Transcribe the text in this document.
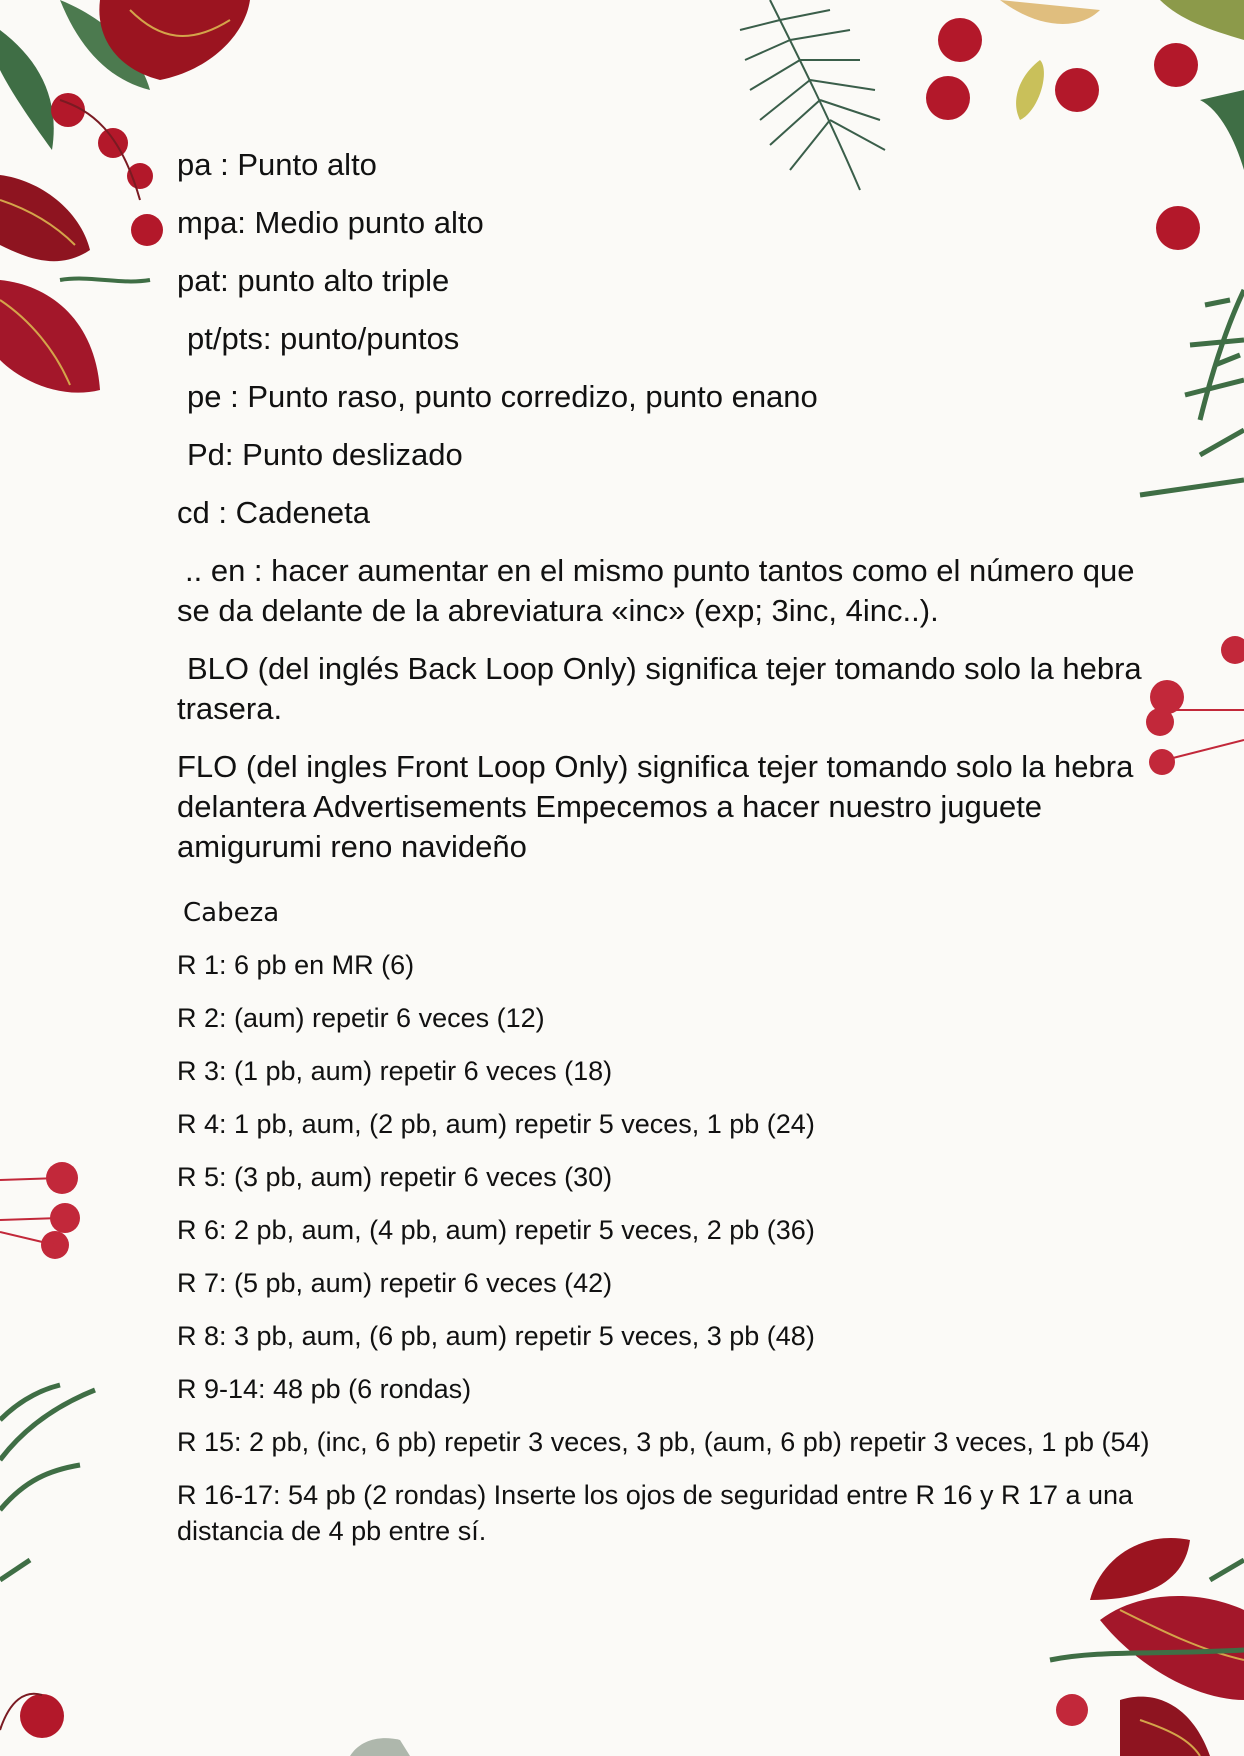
pa : Punto alto

mpa: Medio punto alto

pat: punto alto triple

pt/pts: punto/puntos

pe : Punto raso, punto corredizo, punto enano

Pd: Punto deslizado

cd : Cadeneta

.. en : hacer aumentar en el mismo punto tantos como el número que se da delante de la abreviatura «inc» (exp; 3inc, 4inc..).

BLO (del inglés Back Loop Only) significa tejer tomando solo la hebra trasera.

FLO (del ingles Front Loop Only) significa tejer tomando solo la hebra delantera Advertisements Empecemos a hacer nuestro juguete amigurumi reno navideño

Cabeza

R 1: 6 pb en MR (6)

R 2: (aum) repetir 6 veces (12)

R 3: (1 pb, aum) repetir 6 veces (18)

R 4: 1 pb, aum, (2 pb, aum) repetir 5 veces, 1 pb (24)

R 5: (3 pb, aum) repetir 6 veces (30)

R 6: 2 pb, aum, (4 pb, aum) repetir 5 veces, 2 pb (36)

R 7: (5 pb, aum) repetir 6 veces (42)

R 8: 3 pb, aum, (6 pb, aum) repetir 5 veces, 3 pb (48)

R 9-14: 48 pb (6 rondas)

R 15: 2 pb, (inc, 6 pb) repetir 3 veces, 3 pb, (aum, 6 pb) repetir 3 veces, 1 pb (54)

R 16-17: 54 pb (2 rondas) Inserte los ojos de seguridad entre R 16 y R 17 a una distancia de 4 pb entre sí.
